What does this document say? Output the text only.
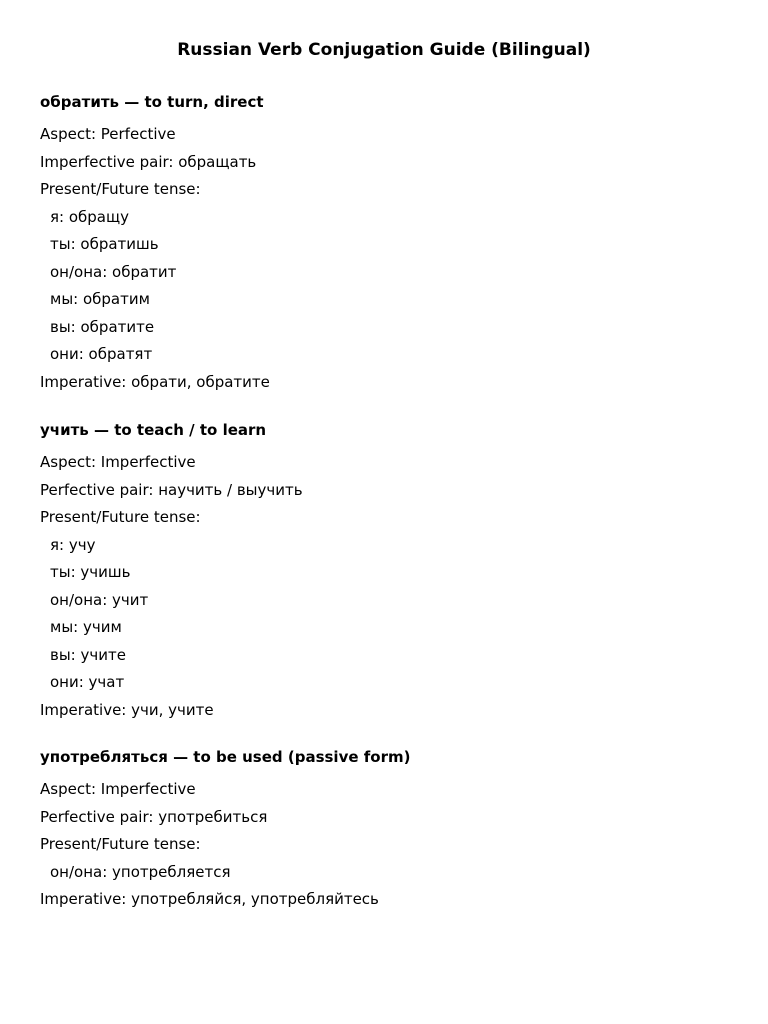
Russian Verb Conjugation Guide (Bilingual)
обратить — to turn, direct
Aspect: Perfective
Imperfective pair: обращать
Present/Future tense:
я: обращу
ты: обратишь
он/она: обратит
мы: обратим
вы: обратите
они: обратят
Imperative: обрати, обратите
учить — to teach / to learn
Aspect: Imperfective
Perfective pair: научить / выучить
Present/Future tense:
я: учу
ты: учишь
он/она: учит
мы: учим
вы: учите
они: учат
Imperative: учи, учите
употребляться — to be used (passive form)
Aspect: Imperfective
Perfective pair: употребиться
Present/Future tense:
он/она: употребляется
Imperative: употребляйся, употребляйтесь
